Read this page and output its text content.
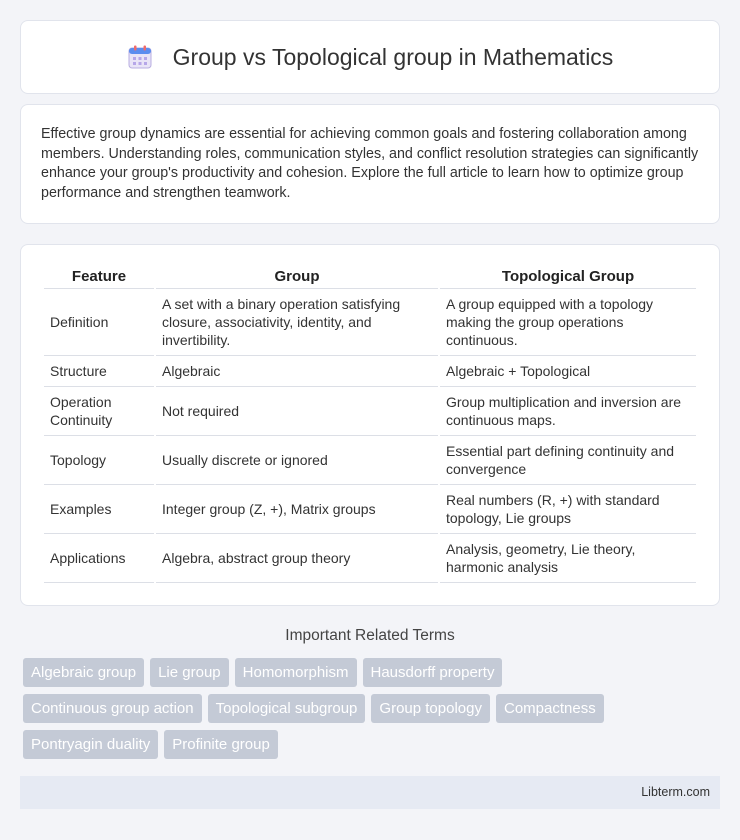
Group vs Topological group in Mathematics

Effective group dynamics are essential for achieving common goals and fostering collaboration among members. Understanding roles, communication styles, and conflict resolution strategies can significantly enhance your group's productivity and cohesion. Explore the full article to learn how to optimize group performance and strengthen teamwork.

Feature	Group	Topological Group
Definition	A set with a binary operation satisfying closure, associativity, identity, and invertibility.	A group equipped with a topology making the group operations continuous.
Structure	Algebraic	Algebraic + Topological
Operation Continuity	Not required	Group multiplication and inversion are continuous maps.
Topology	Usually discrete or ignored	Essential part defining continuity and convergence
Examples	Integer group (Z, +), Matrix groups	Real numbers (R, +) with standard topology, Lie groups
Applications	Algebra, abstract group theory	Analysis, geometry, Lie theory, harmonic analysis
Important Related Terms
Algebraic group Lie group Homomorphism Hausdorff property
Continuous group action Topological subgroup Group topology Compactness
Pontryagin duality Profinite group
Libterm.com
